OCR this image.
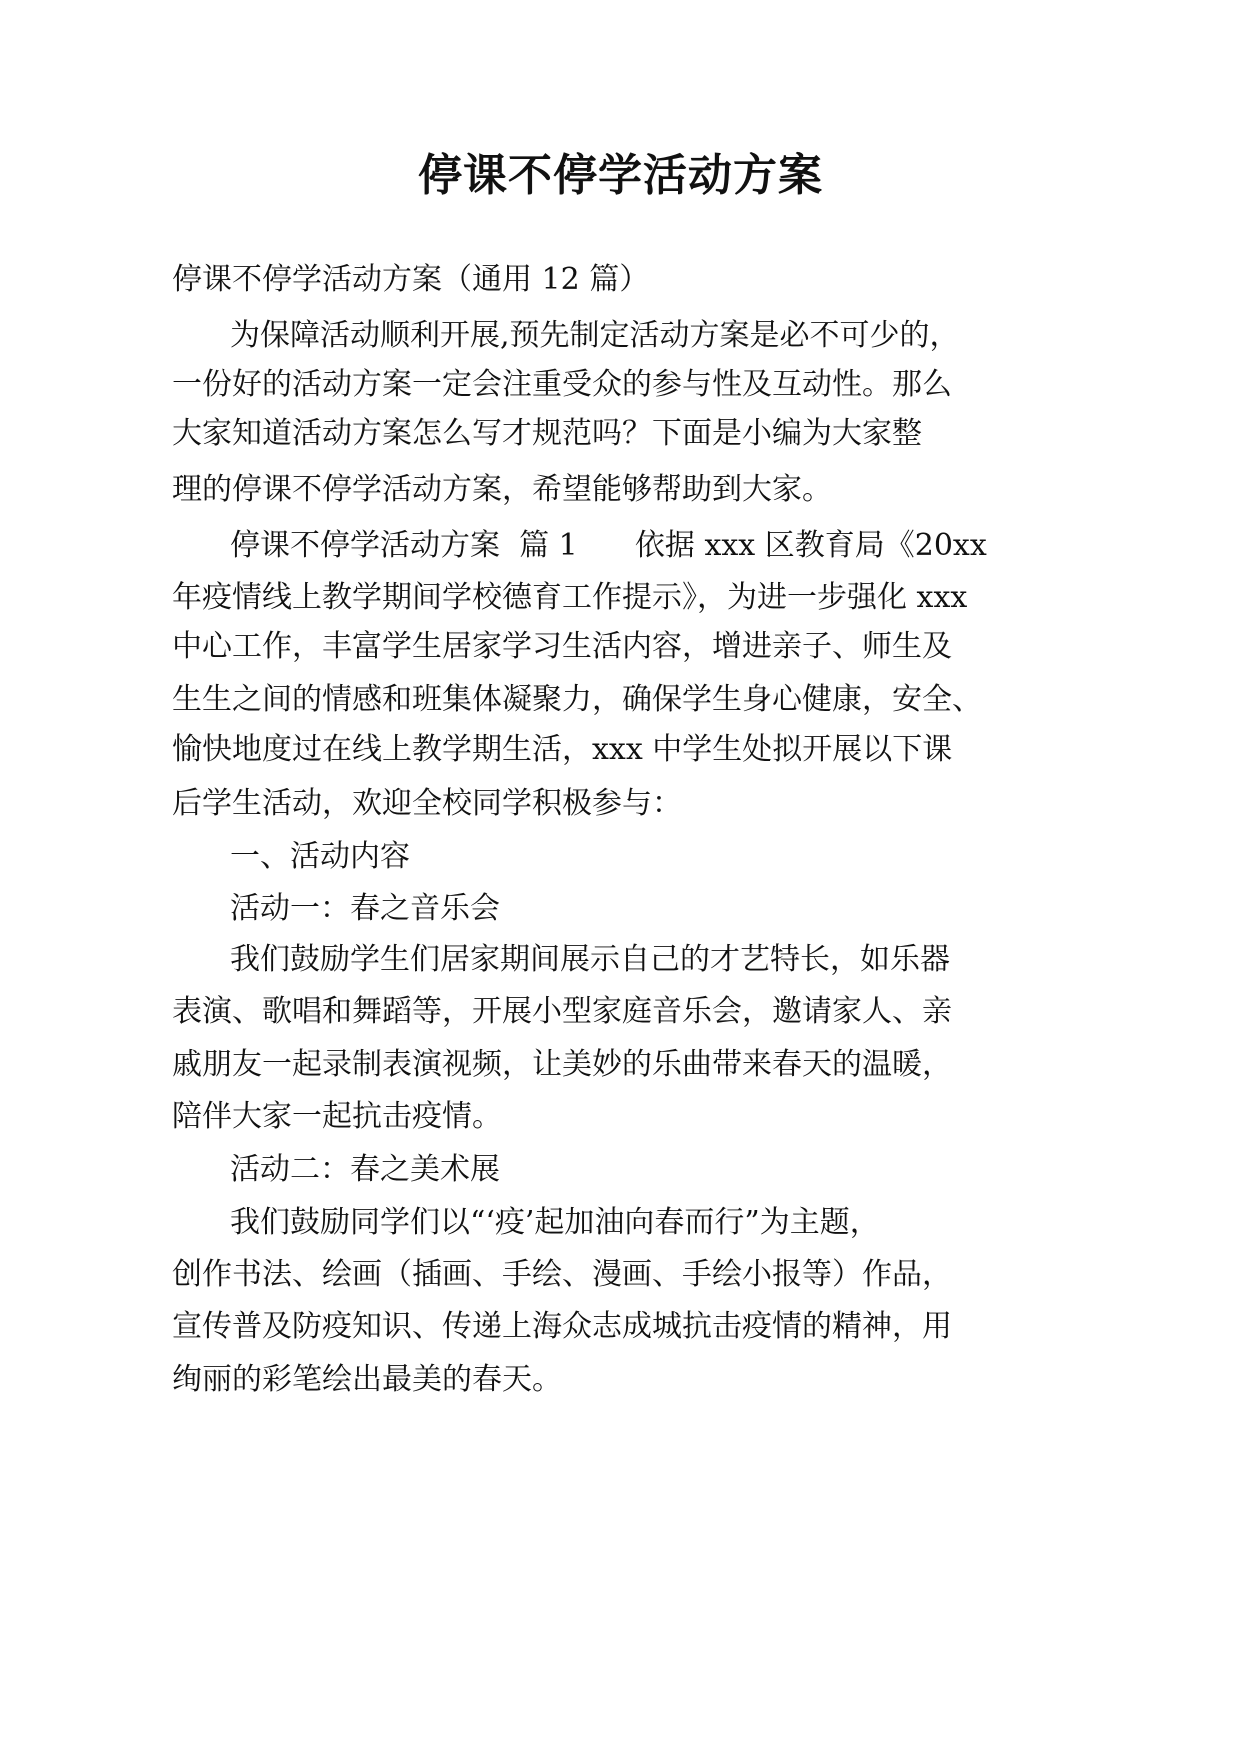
停课不停学活动方案

停课不停学活动方案（通用 12 篇）

为保障活动顺利开展,预先制定活动方案是必不可少的，

一份好的活动方案一定会注重受众的参与性及互动性。那么

大家知道活动方案怎么写才规范吗？下面是小编为大家整

理的停课不停学活动方案，希望能够帮助到大家。

停课不停学活动方案  篇 1      依据 xxx 区教育局《20xx

年疫情线上教学期间学校德育工作提示》，为进一步强化 xxx

中心工作，丰富学生居家学习生活内容，增进亲子、师生及

生生之间的情感和班集体凝聚力，确保学生身心健康，安全、

愉快地度过在线上教学期生活，xxx 中学生处拟开展以下课

后学生活动，欢迎全校同学积极参与：

一、活动内容

活动一：春之音乐会

我们鼓励学生们居家期间展示自己的才艺特长，如乐器

表演、歌唱和舞蹈等，开展小型家庭音乐会，邀请家人、亲

戚朋友一起录制表演视频，让美妙的乐曲带来春天的温暖，

陪伴大家一起抗击疫情。

活动二：春之美术展

我们鼓励同学们以“‘疫’起加油向春而行”为主题，

创作书法、绘画（插画、手绘、漫画、手绘小报等）作品，

宣传普及防疫知识、传递上海众志成城抗击疫情的精神，用

绚丽的彩笔绘出最美的春天。
